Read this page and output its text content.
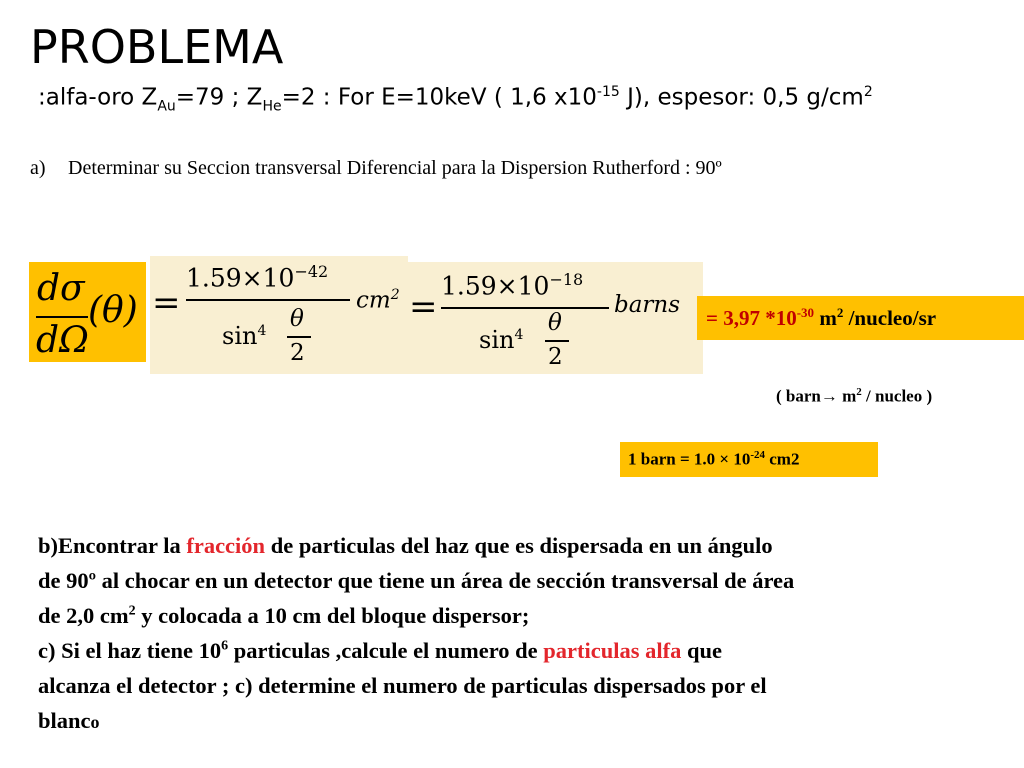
PROBLEMA
:alfa-oro $Z_{Au}=79$ ; $Z_{He}=2$ : For E=10keV ( 1,6 $x10^{-15}$ J), espesor: 0,5 $g/cm^2$
a) Determinar su Seccion transversal Diferencial para la Dispersion Rutherford : 90º
dσ
dΩ
(θ) =
$1.59\times 10^{-42}$
$\sin^4 \theta$
2
$cm^2$ =
$1.59\times 10^{-18}$
$\sin^4 \theta$
2
barns = 3,97 $*10^{-30}$ $m^2$ /nucleo/sr
( barn→ $m^2$ / nucleo )
1 barn = $1.0 \times 10^{-24}$ cm2
b)Encontrar la fracción de particulas del haz que es dispersada en un ángulo
de 90º al chocar en un detector que tiene un área de sección transversal de área
de 2,0 $cm^2$ y colocada a 10 cm del bloque dispersor;
c) Si el haz tiene $10^6$ particulas ,calcule el numero de particulas alfa que
alcanza el detector ; c) determine el numero de particulas dispersados por el
blanco
